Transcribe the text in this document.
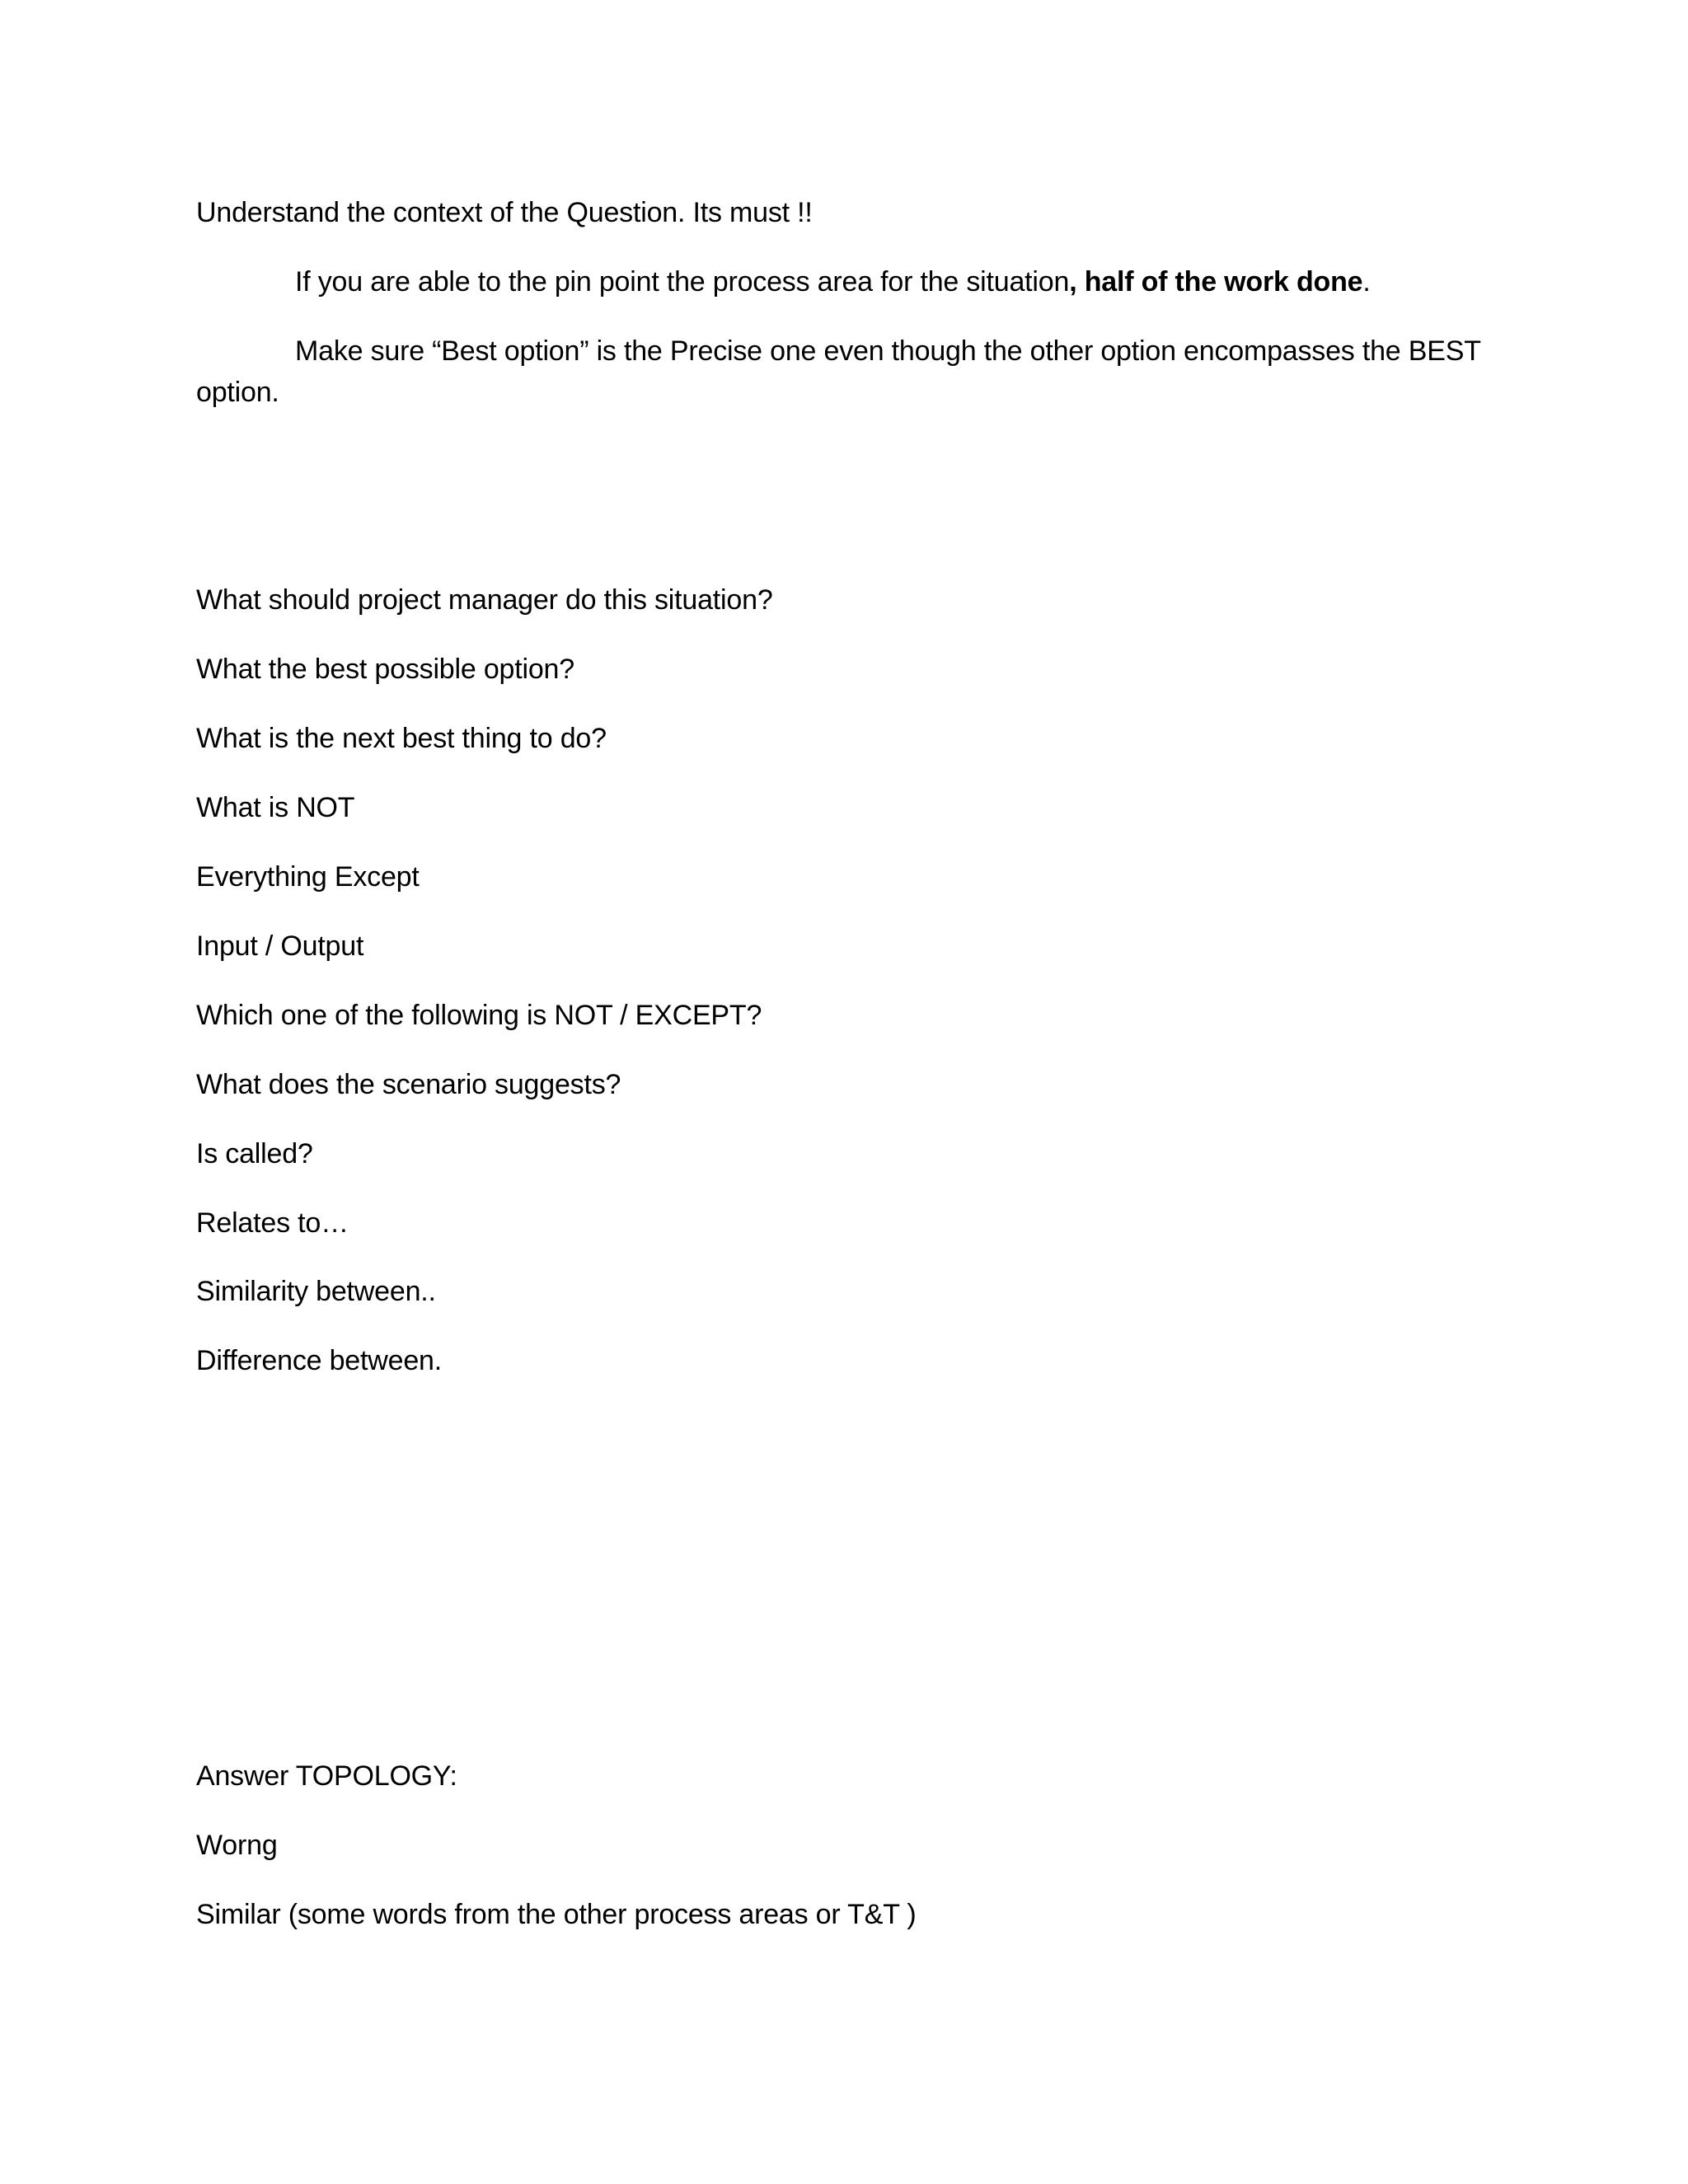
Understand the context of the Question. Its must !!
If you are able to the pin point the process area for the situation, half of the work done.
Make sure “Best option” is the Precise one even though the other option encompasses the BEST option.
What should project manager do this situation?
What the best possible option?
What is the next best thing to do?
What is NOT
Everything Except
Input / Output
Which one of the following is NOT / EXCEPT?
What does the scenario suggests?
Is called?
Relates to…
Similarity between..
Difference between.
Answer TOPOLOGY:
Worng
Similar (some words from the other process areas or T&T )
